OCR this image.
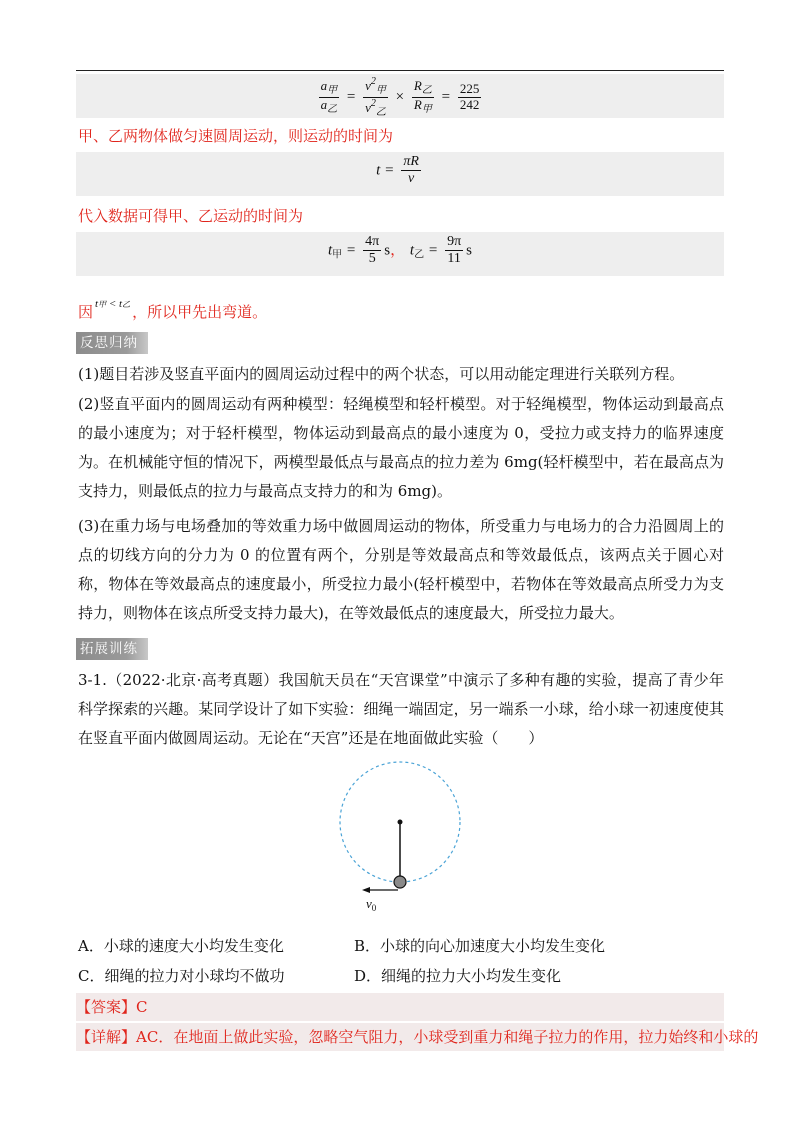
$\frac{a_甲}{a_乙} = \frac{v^2_甲}{v^2_乙} \times \frac{R_乙}{R_甲} = \frac{225}{242}$
甲、乙两物体做匀速圆周运动，则运动的时间为
$t = \frac{\pi R}{v}$
代入数据可得甲、乙运动的时间为
$t_甲 = \frac{4\pi}{5}$ s， $t_乙 = \frac{9\pi}{11}$ s
因 $^{t甲 < t乙}$ ，所以甲先出弯道。
反思归纳
(1)题目若涉及竖直平面内的圆周运动过程中的两个状态，可以用动能定理进行关联列方程。
(2)竖直平面内的圆周运动有两种模型：轻绳模型和轻杆模型。对于轻绳模型，物体运动到最高点的最小速度为；对于轻杆模型，物体运动到最高点的最小速度为 0，受拉力或支持力的临界速度为。在机械能守恒的情况下，两模型最低点与最高点的拉力差为 6mg(轻杆模型中，若在最高点为支持力，则最低点的拉力与最高点支持力的和为 6mg)。
(3)在重力场与电场叠加的等效重力场中做圆周运动的物体，所受重力与电场力的合力沿圆周上的点的切线方向的分力为 0 的位置有两个，分别是等效最高点和等效最低点，该两点关于圆心对称，物体在等效最高点的速度最小，所受拉力最小(轻杆模型中，若物体在等效最高点所受力为支持力，则物体在该点所受支持力最大)，在等效最低点的速度最大，所受拉力最大。
拓展训练
3-1.（2022·北京·高考真题）我国航天员在“天宫课堂”中演示了多种有趣的实验，提高了青少年科学探索的兴趣。某同学设计了如下实验：细绳一端固定，另一端系一小球，给小球一初速度使其在竖直平面内做圆周运动。无论在“天宫”还是在地面做此实验（　　）
$v_0$
A．小球的速度大小均发生变化	B．小球的向心加速度大小均发生变化
C．细绳的拉力对小球均不做功	D．细绳的拉力大小均发生变化
【答案】C
【详解】AC．在地面上做此实验，忽略空气阻力，小球受到重力和绳子拉力的作用，拉力始终和小球的
